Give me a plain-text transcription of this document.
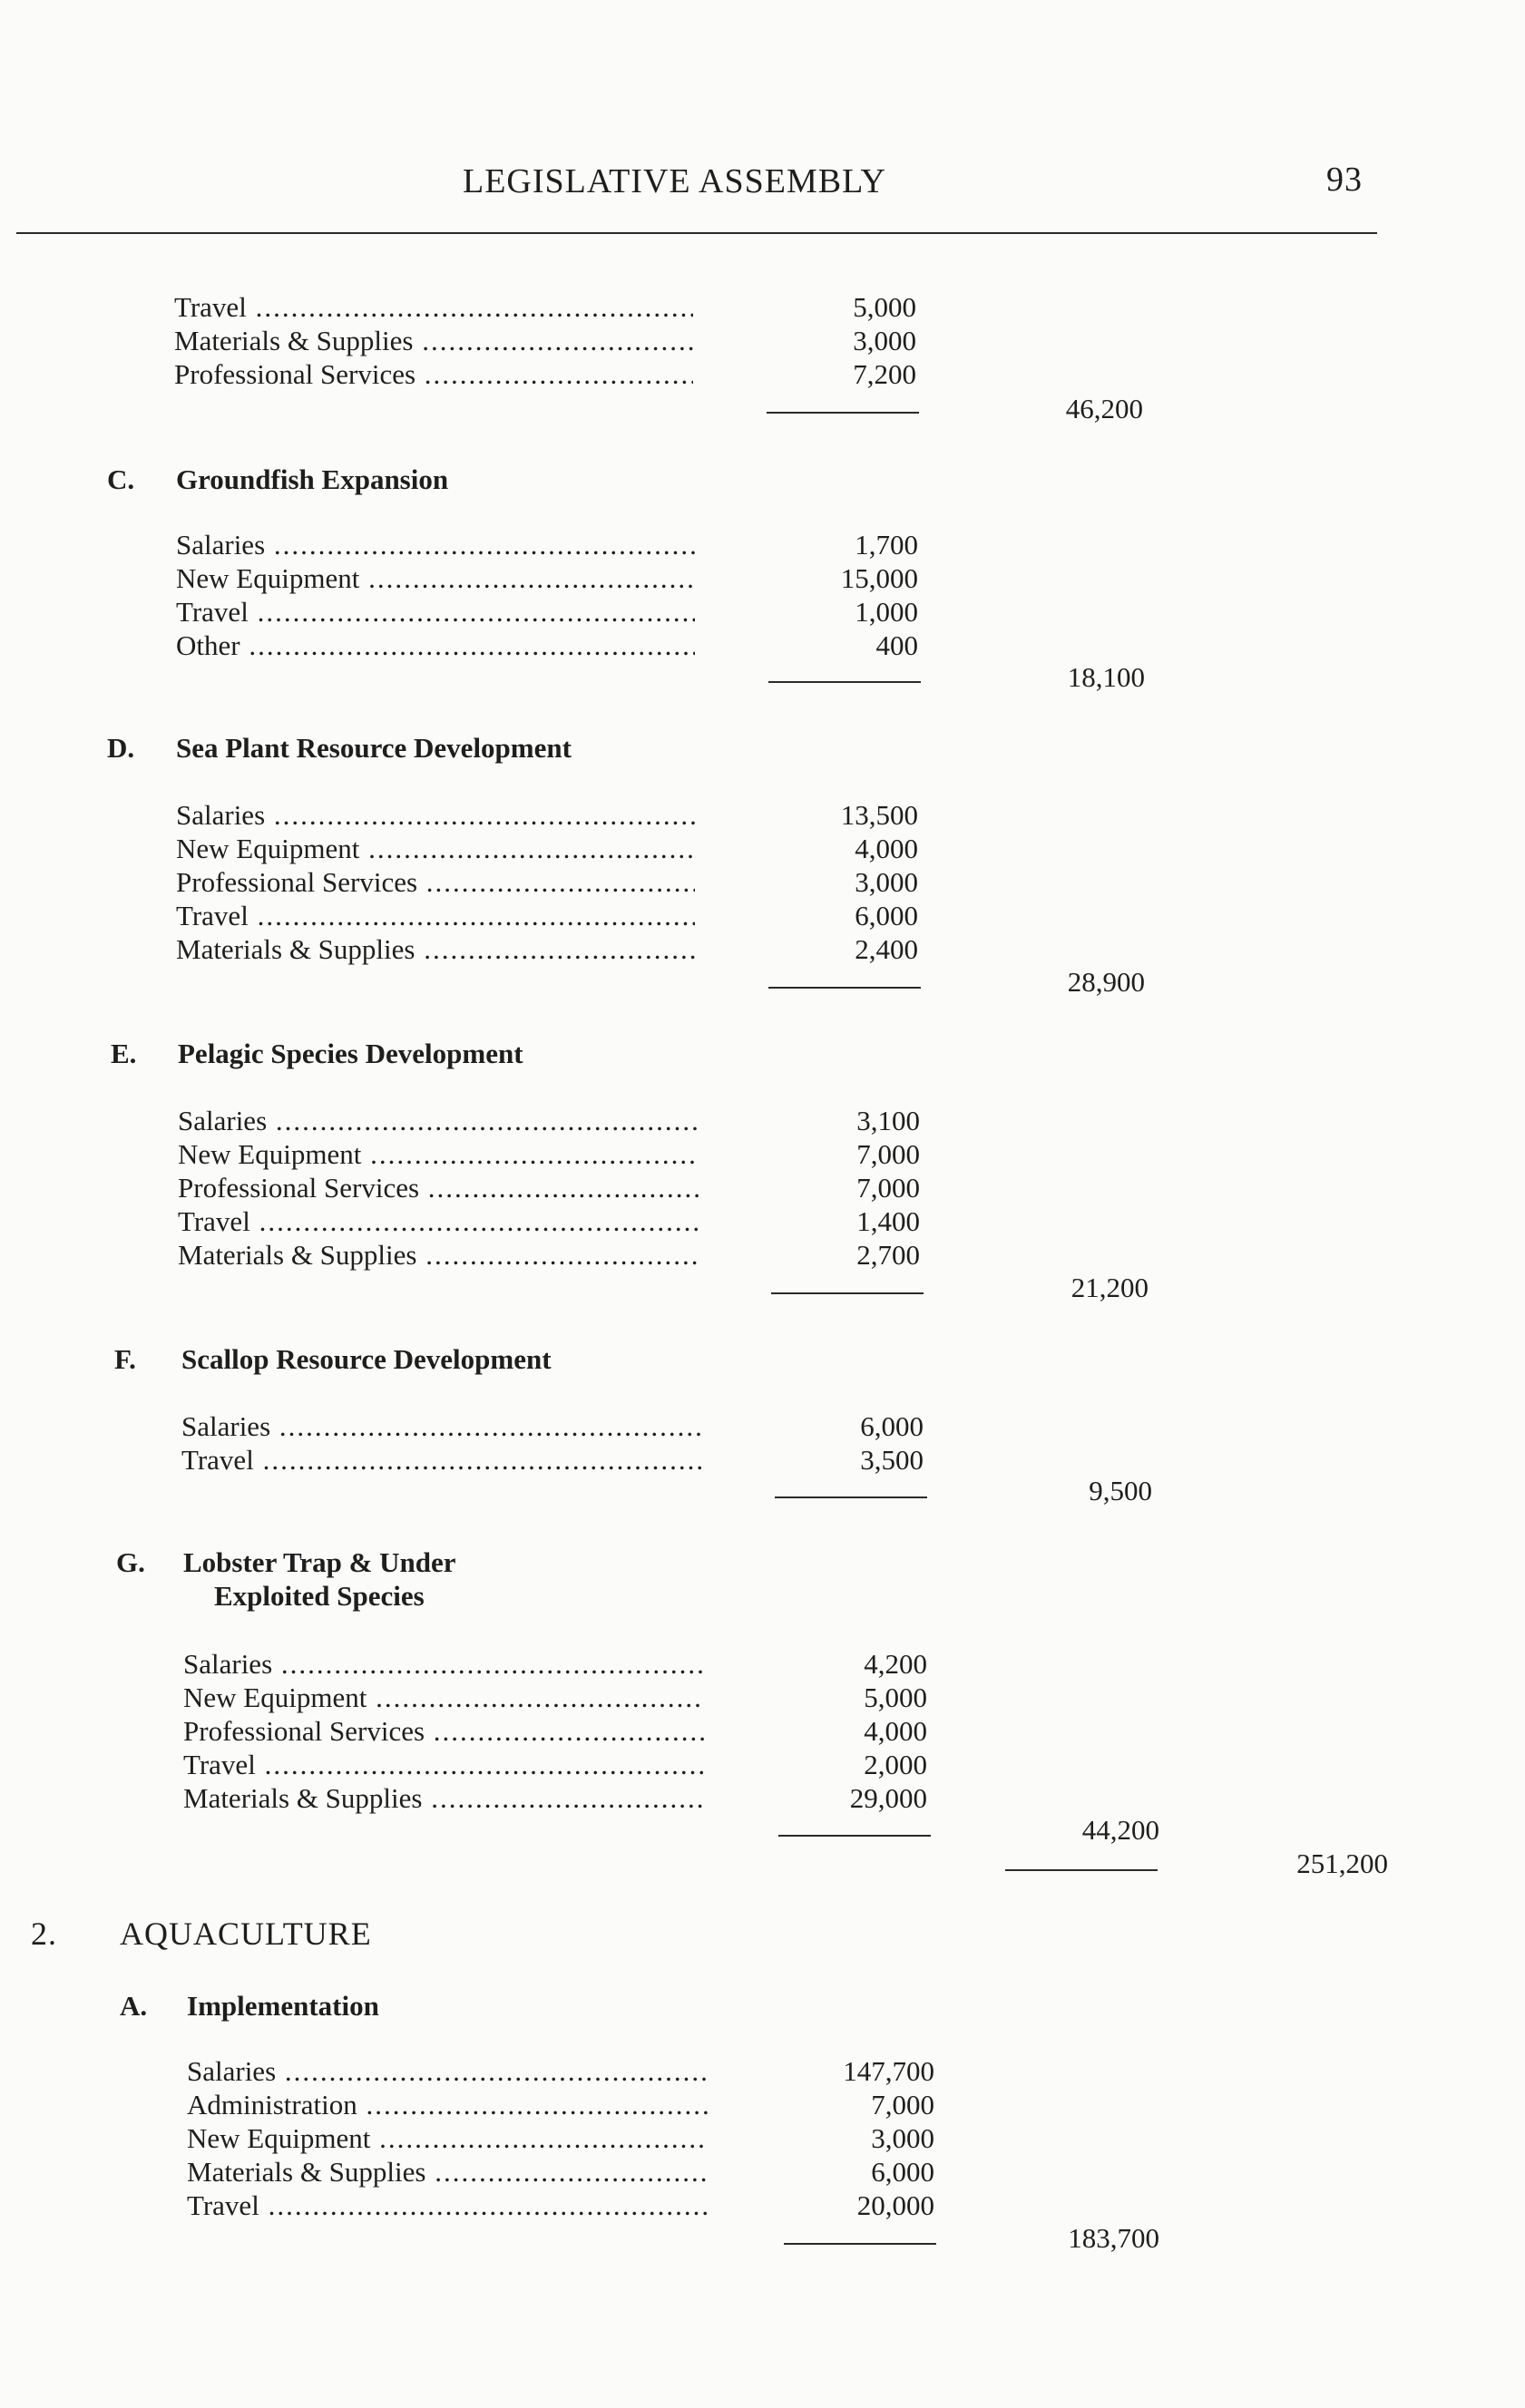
LEGISLATIVE ASSEMBLY	93
Travel .....	5,000
Materials & Supplies .....	3,000
Professional Services .....	7,200
46,200
C. Groundfish Expansion
Salaries .....	1,700
New Equipment .....	15,000
Travel .....	1,000
Other .....	400
18,100
D. Sea Plant Resource Development
Salaries .....	13,500
New Equipment .....	4,000
Professional Services .....	3,000
Travel .....	6,000
Materials & Supplies .....	2,400
28,900
E. Pelagic Species Development
Salaries .....	3,100
New Equipment .....	7,000
Professional Services .....	7,000
Travel .....	1,400
Materials & Supplies .....	2,700
21,200
F. Scallop Resource Development
Salaries .....	6,000
Travel .....	3,500
9,500
G. Lobster Trap & Under
Exploited Species
Salaries .....	4,200
New Equipment .....	5,000
Professional Services .....	4,000
Travel .....	2,000
Materials & Supplies .....	29,000
44,200
251,200
2. AQUACULTURE
A. Implementation
Salaries .....	147,700
Administration .....	7,000
New Equipment .....	3,000
Materials & Supplies .....	6,000
Travel .....	20,000
183,700
